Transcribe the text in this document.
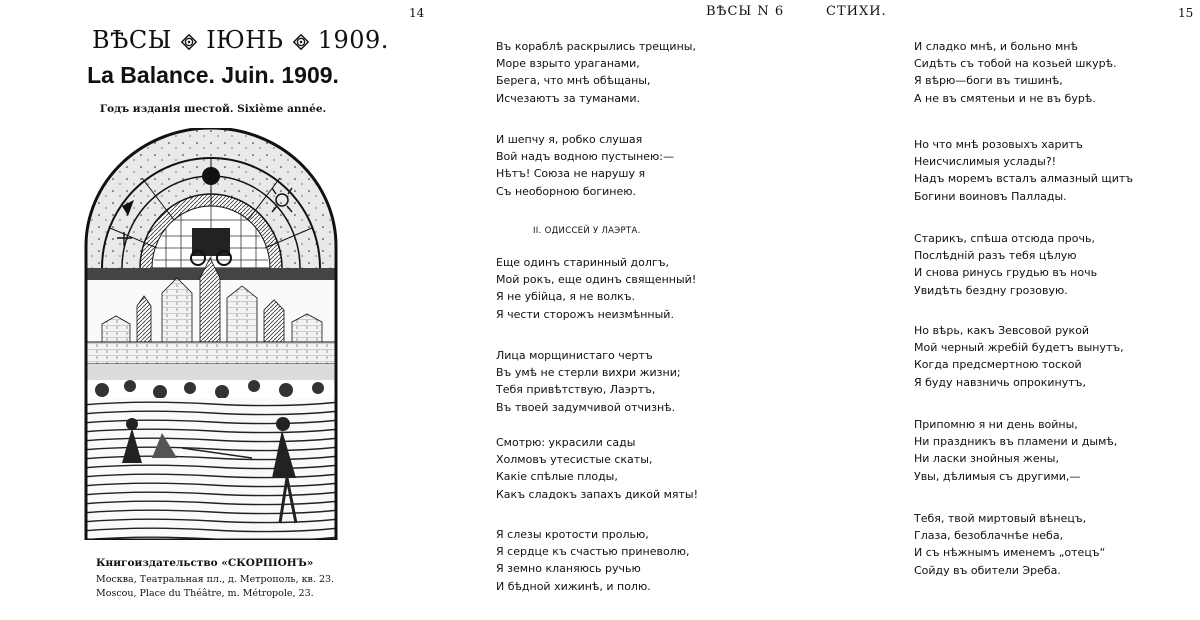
14
ВѢСЫ ІЮНЬ 1909.
La Balance. Juin. 1909.
Годъ изданія шестой. Sixième année.
Книгоиздательство «СКОРПІОНЪ»
Москва, Театральная пл., д. Метрополь, кв. 23.
Moscou, Place du Théâtre, m. Métropole, 23.
ВѢСЫ N 6	СТИХИ.
Въ кораблѣ раскрылись трещины,
Море взрыто ураганами,
Берега, что мнѣ обѣщаны,
Исчезаютъ за туманами.
И шепчу я, робко слушая
Вой надъ водною пустынею:—
Нѣтъ! Союза не нарушу я
Съ необорною богинею.
II. ОДИССЕЙ У ЛАЭРТА.
Еще одинъ старинный долгъ,
Мой рокъ, еще одинъ священный!
Я не убійца, я не волкъ.
Я чести сторожъ неизмѣнный.
Лица морщинистаго чертъ
Въ умѣ не стерли вихри жизни;
Тебя привѣтствую, Лаэртъ,
Въ твоей задумчивой отчизнѣ.
Смотрю: украсили сады
Холмовъ утесистые скаты,
Какіе спѣлые плоды,
Какъ сладокъ запахъ дикой мяты!
Я слезы кротости пролью,
Я сердце къ счастью приневолю,
Я земно кланяюсь ручью
И бѣдной хижинѣ, и полю.
15
И сладко мнѣ, и больно мнѣ
Сидѣть съ тобой на козьей шкурѣ.
Я вѣрю—боги въ тишинѣ,
А не въ смятеньи и не въ бурѣ.
Но что мнѣ розовыхъ харитъ
Неисчислимыя услады?!
Надъ моремъ всталъ алмазный щитъ
Богини воиновъ Паллады.
Старикъ, спѣша отсюда прочь,
Послѣдній разъ тебя цѣлую
И снова ринусь грудью въ ночь
Увидѣть бездну грозовую.
Но вѣрь, какъ Зевсовой рукой
Мой черный жребій будетъ вынутъ,
Когда предсмертною тоской
Я буду навзничь опрокинутъ,
Припомню я ни день войны,
Ни праздникъ въ пламени и дымѣ,
Ни ласки знойныя жены,
Увы, дѣлимыя съ другими,—
Тебя, твой миртовый вѣнецъ,
Глаза, безоблачнѣе неба,
И съ нѣжнымъ именемъ „отецъ“
Сойду въ обители Эреба.
